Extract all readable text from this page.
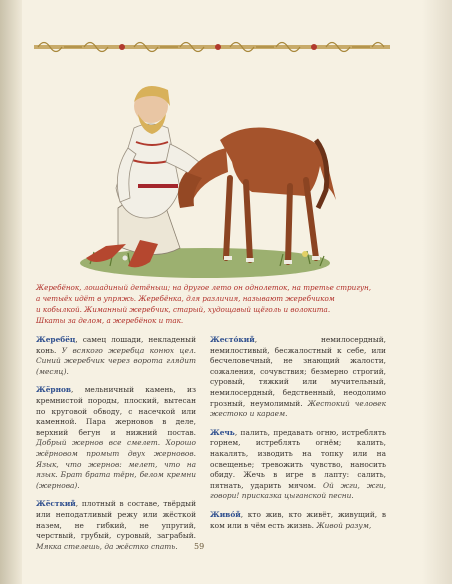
Жеребёнок, лошадиный детёныш; на другое лето он однолеток, на третье стригун,

а четыёх идёт в упряжь. Жеребёнка, для различия, называют жеребчиком

и кобылкой. Жиманный жеребчик, старый, худощавый щёголь и волокита.

Шкаты за делом, а жеребёнок и так.

Жеребёц, самец лошади, некладеный конь. У всякого жеребца конюх цел. Синий жеребчик через ворота глядит (месяц).

Жёрнов, мельничный камень, из кремнистой породы, плоский, вытесан по круговой обводу, с насечкой или каменной. Пара жерновов в деле, верхний бегун и нижний постав. Добрый жернов все смелет. Хорошо жёрновом промыт двух жерновов. Язык, что жернов: мелет, что на язык. Брат брата тёрн, белом кремни (жернова).

Жёсткий, плотный в составе, твёрдый или неподатливый режу или жёсткой назем, не гибкий, не упругий, черствый, грубый, суровый, заграбый. Мякка стелешь, да жёстко спать.

Жесто́кий, немилосердный, немилостивый, бесжалостный к себе, или бесчеловечный, не знающий жалости, сожаления, сочувствия; безмерно строгий, суровый, тяжкий или мучительный, немилосердный, бедственный, неодолимо грозный, неумолимый. Жестокий человек жестоко и караем.

Жечь, палить, предавать огню, истреблять горнем, истреблять огнём; калить, накалять, изводить на топку или на освещенье; тревожить чувство, наносить обиду. Жечь в игре в лапту: салить, пятнать, ударить мячом. Ой жги, жги, говори! присказка цыганской песни.

Живо́й, кто жив, кто живёт, живущий, в ком или в чём есть жизнь. Живой разум,

59
